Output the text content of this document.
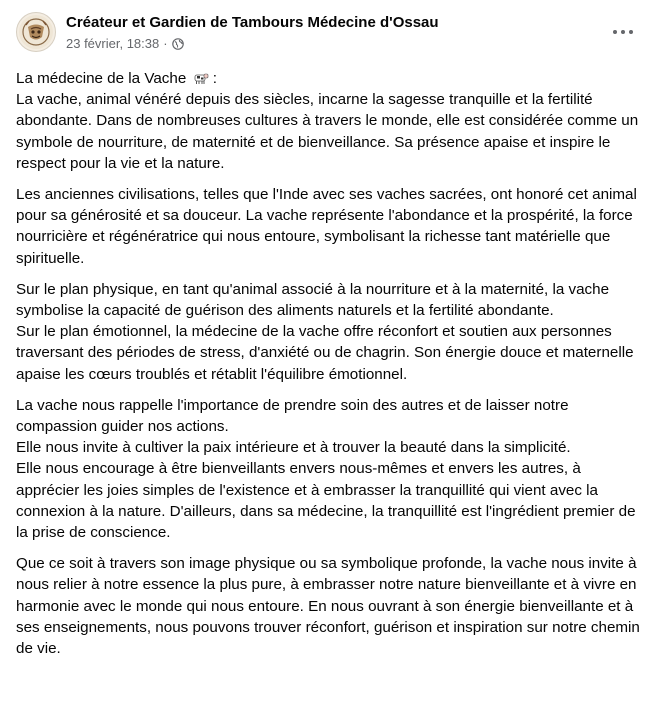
Créateur et Gardien de Tambours Médecine d'Ossau
23 février, 18:38 ·

La médecine de la Vache :
La vache, animal vénéré depuis des siècles, incarne la sagesse tranquille et la fertilité abondante. Dans de nombreuses cultures à travers le monde, elle est considérée comme un symbole de nourriture, de maternité et de bienveillance. Sa présence apaise et inspire le respect pour la vie et la nature.

Les anciennes civilisations, telles que l'Inde avec ses vaches sacrées, ont honoré cet animal pour sa générosité et sa douceur. La vache représente l'abondance et la prospérité, la force nourricière et régénératrice qui nous entoure, symbolisant la richesse tant matérielle que spirituelle.

Sur le plan physique, en tant qu'animal associé à la nourriture et à la maternité, la vache symbolise la capacité de guérison des aliments naturels et la fertilité abondante.
Sur le plan émotionnel, la médecine de la vache offre réconfort et soutien aux personnes traversant des périodes de stress, d'anxiété ou de chagrin. Son énergie douce et maternelle apaise les cœurs troublés et rétablit l'équilibre émotionnel.

La vache nous rappelle l'importance de prendre soin des autres et de laisser notre compassion guider nos actions.
Elle nous invite à cultiver la paix intérieure et à trouver la beauté dans la simplicité.
Elle nous encourage à être bienveillants envers nous-mêmes et envers les autres, à apprécier les joies simples de l'existence et à embrasser la tranquillité qui vient avec la connexion à la nature. D'ailleurs, dans sa médecine, la tranquillité est l'ingrédient premier de la prise de conscience.

Que ce soit à travers son image physique ou sa symbolique profonde, la vache nous invite à nous relier à notre essence la plus pure, à embrasser notre nature bienveillante et à vivre en harmonie avec le monde qui nous entoure. En nous ouvrant à son énergie bienveillante et à ses enseignements, nous pouvons trouver réconfort, guérison et inspiration sur notre chemin de vie.
